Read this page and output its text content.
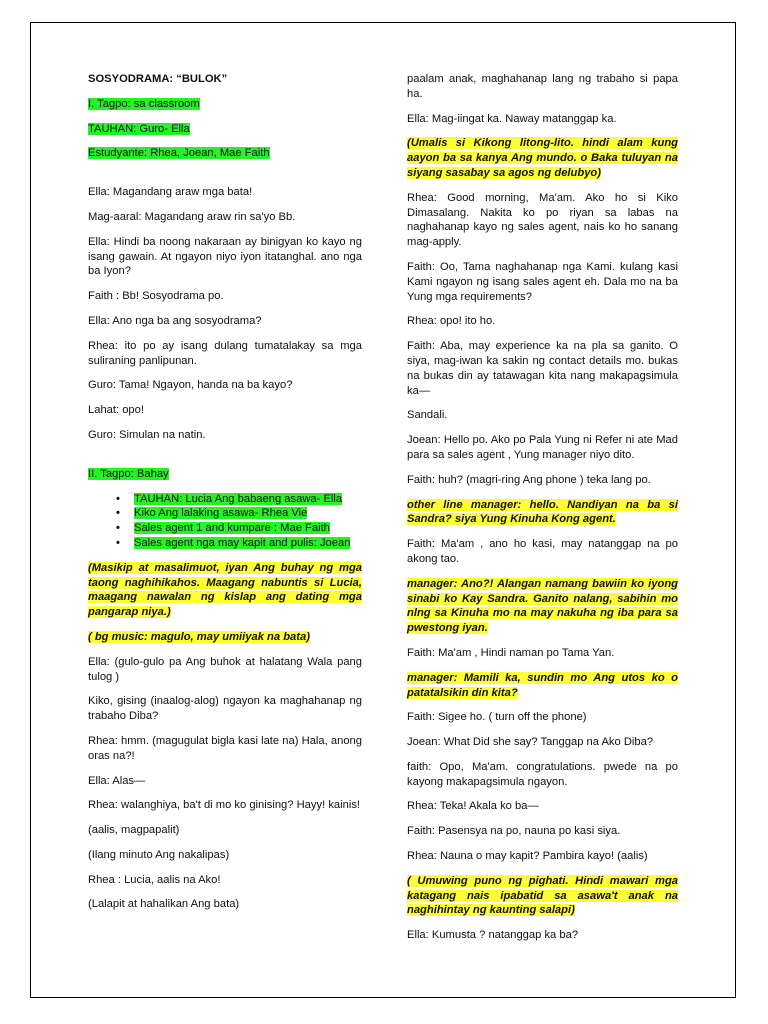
SOSYODRAMA: “BULOK”

I. Tagpo: sa classroom

TAUHAN: Guro- Ella

Estudyante: Rhea, Joean, Mae Faith

Ella: Magandang araw mga bata!

Mag-aaral: Magandang araw rin sa'yo Bb.

Ella: Hindi ba noong nakaraan ay binigyan ko kayo ng isang gawain. At ngayon niyo iyon itatanghal. ano nga ba Iyon?

Faith : Bb! Sosyodrama po.

Ella: Ano nga ba ang sosyodrama?

Rhea: ito po ay isang dulang tumatalakay sa mga suliraning panlipunan.

Guro: Tama! Ngayon, handa na ba kayo?

Lahat: opo!

Guro: Simulan na natin.

II. Tagpo: Bahay

• TAUHAN: Lucia Ang babaeng asawa- Ella
• Kiko Ang lalaking asawa- Rhea Vie
• Sales agent 1 and kumpare : Mae Faith
• Sales agent nga may kapit and pulis: Joean

(Masikip at masalimuot, iyan Ang buhay ng mga taong naghihikahos. Maagang nabuntis si Lucia, maagang nawalan ng kislap ang dating mga pangarap niya.)

( bg music: magulo, may umiiyak na bata)

Ella: (gulo-gulo pa Ang buhok at halatang Wala pang tulog )

Kiko, gising (inaalog-alog) ngayon ka maghahanap ng trabaho Diba?

Rhea: hmm. (magugulat bigla kasi late na) Hala, anong oras na?!

Ella: Alas—

Rhea: walanghiya, ba't di mo ko ginising? Hayy! kainis!

(aalis, magpapalit)

(Ilang minuto Ang nakalipas)

Rhea : Lucia, aalis na Ako!

(Lalapit at hahalikan Ang bata)

paalam anak, maghahanap lang ng trabaho si papa ha.

Ella: Mag-iingat ka. Naway matanggap ka.

(Umalis si Kikong litong-lito. hindi alam kung aayon ba sa kanya Ang mundo. o Baka tuluyan na siyang sasabay sa agos ng delubyo)

Rhea: Good morning, Ma'am. Ako ho si Kiko Dimasalang. Nakita ko po riyan sa labas na naghahanap kayo ng sales agent, nais ko ho sanang mag-apply.

Faith: Oo, Tama naghahanap nga Kami. kulang kasi Kami ngayon ng isang sales agent eh. Dala mo na ba Yung mga requirements?

Rhea: opo! ito ho.

Faith: Aba, may experience ka na pla sa ganito. O siya, mag-iwan ka sakin ng contact details mo. bukas na bukas din ay tatawagan kita nang makapagsimula ka—

Sandali.

Joean: Hello po. Ako po Pala Yung ni Refer ni ate Mad para sa sales agent , Yung manager niyo dito.

Faith: huh? (magri-ring Ang phone ) teka lang po.

other line manager: hello. Nandiyan na ba si Sandra? siya Yung Kinuha Kong agent.

Faith: Ma'am , ano ho kasi, may natanggap na po akong tao.

manager: Ano?! Alangan namang bawiin ko iyong sinabi ko Kay Sandra. Ganito nalang, sabihin mo nlng sa Kinuha mo na may nakuha ng iba para sa pwestong iyan.

Faith: Ma'am , Hindi naman po Tama Yan.

manager: Mamili ka, sundin mo Ang utos ko o patatalsikin din kita?

Faith: Sigee ho. ( turn off the phone)

Joean: What Did she say? Tanggap na Ako Diba?

faith: Opo, Ma'am. congratulations. pwede na po kayong makapagsimula ngayon.

Rhea: Teka! Akala ko ba—

Faith: Pasensya na po, nauna po kasi siya.

Rhea: Nauna o may kapit? Pambira kayo! (aalis)

( Umuwing puno ng pighati. Hindi mawari mga katagang nais ipabatid sa asawa't anak na naghihintay ng kaunting salapi)

Ella: Kumusta ? natanggap ka ba?
